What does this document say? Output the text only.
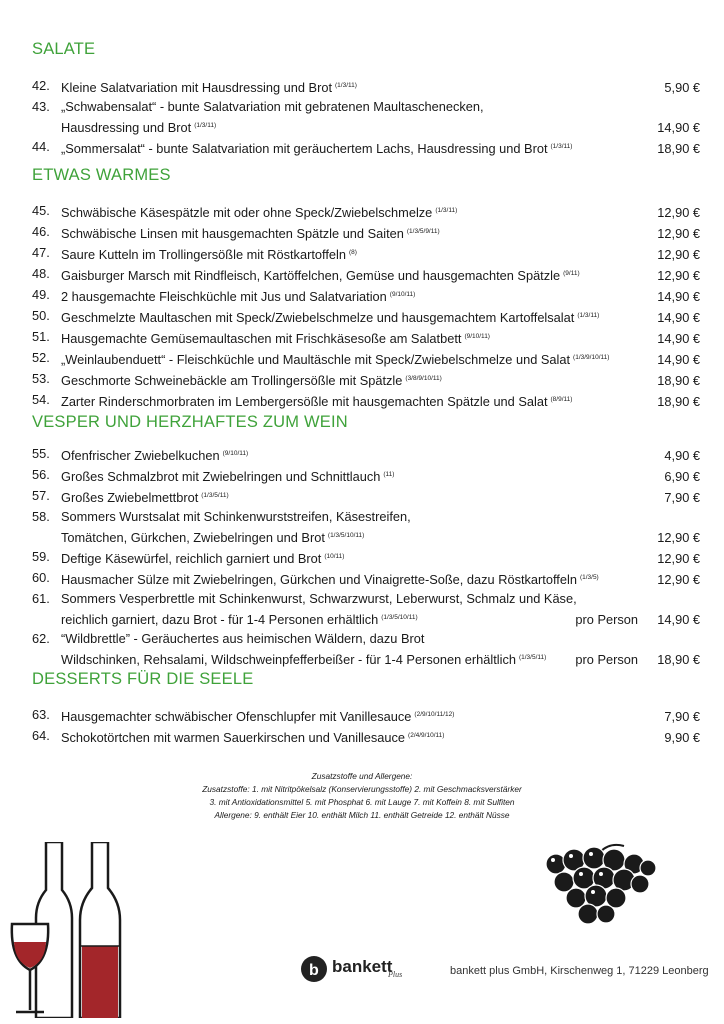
SALATE
42. Kleine Salatvariation mit Hausdressing und Brot $^{(1/3/11)}$	5,90 €
43. „Schwabensalat“ - bunte Salatvariation mit gebratenen Maultaschenecken,
Hausdressing und Brot $^{(1/3/11)}$	14,90 €
44. „Sommersalat“ - bunte Salatvariation mit geräuchertem Lachs, Hausdressing und Brot $^{(1/3/11)}$	18,90 €
ETWAS WARMES
45. Schwäbische Käsespätzle mit oder ohne Speck/Zwiebelschmelze $^{(1/3/11)}$	12,90 €
46. Schwäbische Linsen mit hausgemachten Spätzle und Saiten $^{(1/3/5/9/11)}$	12,90 €
47. Saure Kutteln im Trollingersößle mit Röstkartoffeln $^{(8)}$	12,90 €
48. Gaisburger Marsch mit Rindfleisch, Kartöffelchen, Gemüse und hausgemachten Spätzle $^{(9/11)}$	12,90 €
49. 2 hausgemachte Fleischküchle mit Jus und Salatvariation $^{(9/10/11)}$	14,90 €
50. Geschmelzte Maultaschen mit Speck/Zwiebelschmelze und hausgemachtem Kartoffelsalat $^{(1/3/11)}$	14,90 €
51. Hausgemachte Gemüsemaultaschen mit Frischkäsesoße am Salatbett $^{(9/10/11)}$	14,90 €
52. „Weinlaubenduett“ - Fleischküchle und Maultäschle mit Speck/Zwiebelschmelze und Salat $^{(1/3/9/10/11)}$	14,90 €
53. Geschmorte Schweinebäckle am Trollingersößle mit Spätzle $^{(3/8/9/10/11)}$	18,90 €
54. Zarter Rinderschmorbraten im Lembergersößle mit hausgemachten Spätzle und Salat $^{(8/9/11)}$	18,90 €
VESPER UND HERZHAFTES ZUM WEIN
55. Ofenfrischer Zwiebelkuchen $^{(9/10/11)}$	4,90 €
56. Großes Schmalzbrot mit Zwiebelringen und Schnittlauch $^{(11)}$	6,90 €
57. Großes Zwiebelmettbrot $^{(1/3/5/11)}$	7,90 €
58. Sommers Wurstsalat mit Schinkenwurststreifen, Käsestreifen,
Tomätchen, Gürkchen, Zwiebelringen und Brot $^{(1/3/5/10/11)}$	12,90 €
59. Deftige Käsewürfel, reichlich garniert und Brot $^{(10/11)}$	12,90 €
60. Hausmacher Sülze mit Zwiebelringen, Gürkchen und Vinaigrette-Soße, dazu Röstkartoffeln $^{(1/3/5)}$	12,90 €
61. Sommers Vesperbrettle mit Schinkenwurst, Schwarzwurst, Leberwurst, Schmalz und Käse,
reichlich garniert, dazu Brot - für 1-4 Personen erhältlich $^{(1/3/5/10/11)}$	pro Person 14,90 €
62. “Wildbrettle” - Geräuchertes aus heimischen Wäldern, dazu Brot
Wildschinken, Rehsalami, Wildschweinpfefferbeißer - für 1-4 Personen erhältlich $^{(1/3/5/11)}$	pro Person 18,90 €
DESSERTS FÜR DIE SEELE
63. Hausgemachter schwäbischer Ofenschlupfer mit Vanillesauce $^{(2/9/10/11/12)}$	7,90 €
64. Schokotörtchen mit warmen Sauerkirschen und Vanillesauce $^{(2/4/9/10/11)}$	9,90 €
Zusatzstoffe und Allergene:
Zusatzstoffe: 1. mit Nitritpökelsalz (Konservierungsstoffe) 2. mit Geschmacksverstärker
3. mit Antioxidationsmittel 5. mit Phosphat 6. mit Lauge 7. mit Koffein 8. mit Sulfiten
Allergene: 9. enthält Eier 10. enthält Milch 11. enthält Getreide 12. enthält Nüsse
b bankett
Plus	bankett plus GmbH, Kirschenweg 1, 71229 Leonberg
